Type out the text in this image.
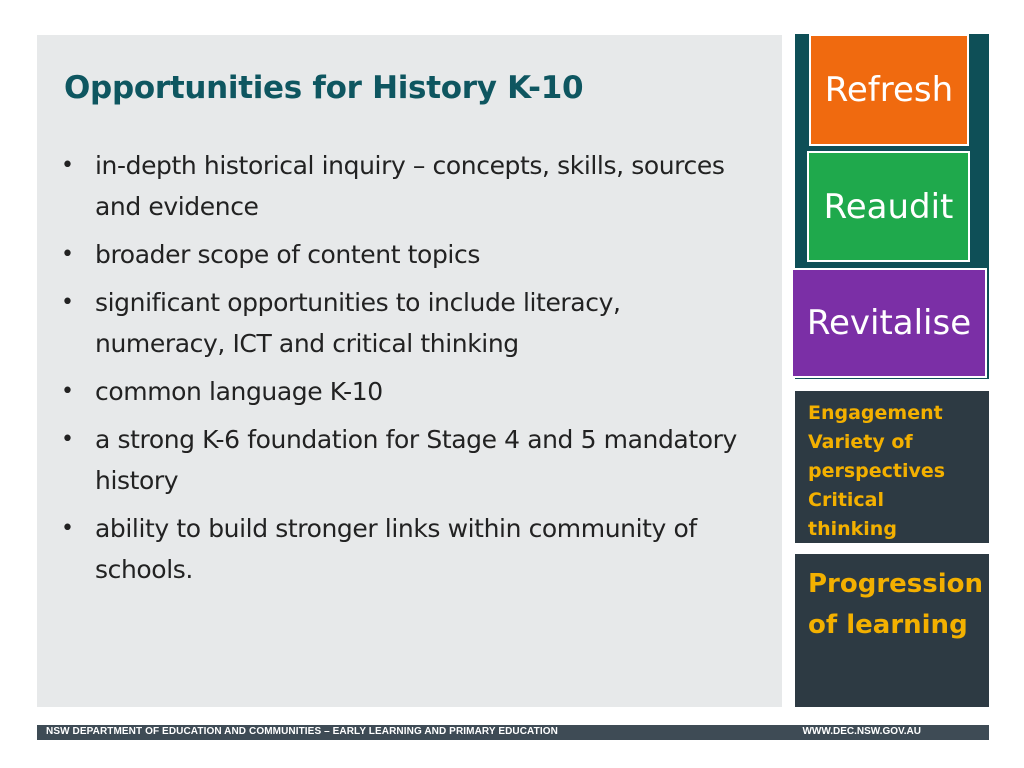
Opportunities for History K-10
• in-depth historical inquiry – concepts, skills, sources and evidence
• broader scope of content topics
• significant opportunities to include literacy, numeracy, ICT and critical thinking
• common language K-10
• a strong K-6 foundation for Stage 4 and 5 mandatory history
• ability to build stronger links within community of schools.
Refresh
Reaudit
Revitalise
Engagement
Variety of perspectives
Critical thinking
Progression of learning
NSW DEPARTMENT OF EDUCATION AND COMMUNITIES – EARLY LEARNING AND PRIMARY EDUCATION	WWW.DEC.NSW.GOV.AU
